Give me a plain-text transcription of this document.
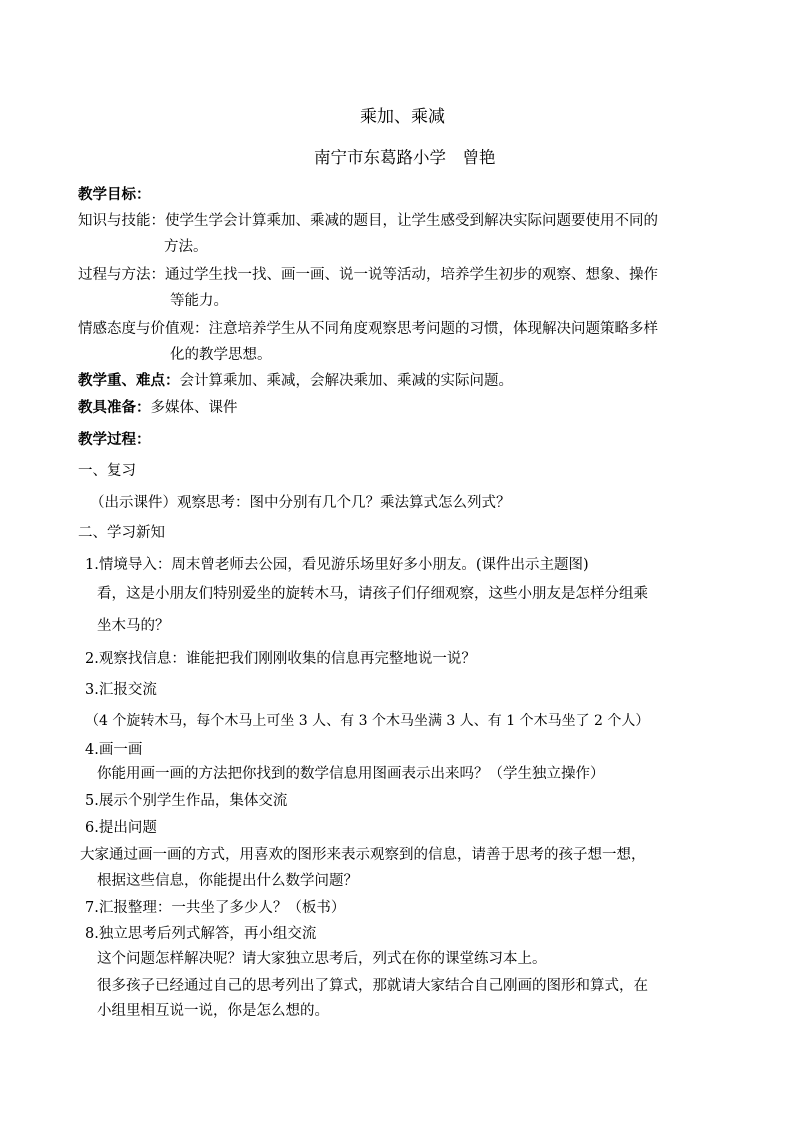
乘加、乘减
南宁市东葛路小学　曾艳
教学目标：
知识与技能：使学生学会计算乘加、乘减的题目，让学生感受到解决实际问题要使用不同的
方法。
过程与方法：通过学生找一找、画一画、说一说等活动，培养学生初步的观察、想象、操作
等能力。
情感态度与价值观：注意培养学生从不同角度观察思考问题的习惯，体现解决问题策略多样
化的教学思想。
教学重、难点：会计算乘加、乘减，会解决乘加、乘减的实际问题。
教具准备：多媒体、课件
教学过程：
一、复习
（出示课件）观察思考：图中分别有几个几？乘法算式怎么列式？
二、学习新知
1.情境导入：周末曾老师去公园，看见游乐场里好多小朋友。(课件出示主题图)
看，这是小朋友们特别爱坐的旋转木马，请孩子们仔细观察，这些小朋友是怎样分组乘
坐木马的？
2.观察找信息：谁能把我们刚刚收集的信息再完整地说一说？
3.汇报交流
（4 个旋转木马，每个木马上可坐 3 人、有 3 个木马坐满 3 人、有 1 个木马坐了 2 个人）
4.画一画
你能用画一画的方法把你找到的数学信息用图画表示出来吗？（学生独立操作）
5.展示个别学生作品，集体交流
6.提出问题
大家通过画一画的方式，用喜欢的图形来表示观察到的信息，请善于思考的孩子想一想，
根据这些信息，你能提出什么数学问题？
7.汇报整理：一共坐了多少人？（板书）
8.独立思考后列式解答，再小组交流
这个问题怎样解决呢？请大家独立思考后，列式在你的课堂练习本上。
很多孩子已经通过自己的思考列出了算式，那就请大家结合自己刚画的图形和算式，在
小组里相互说一说，你是怎么想的。
